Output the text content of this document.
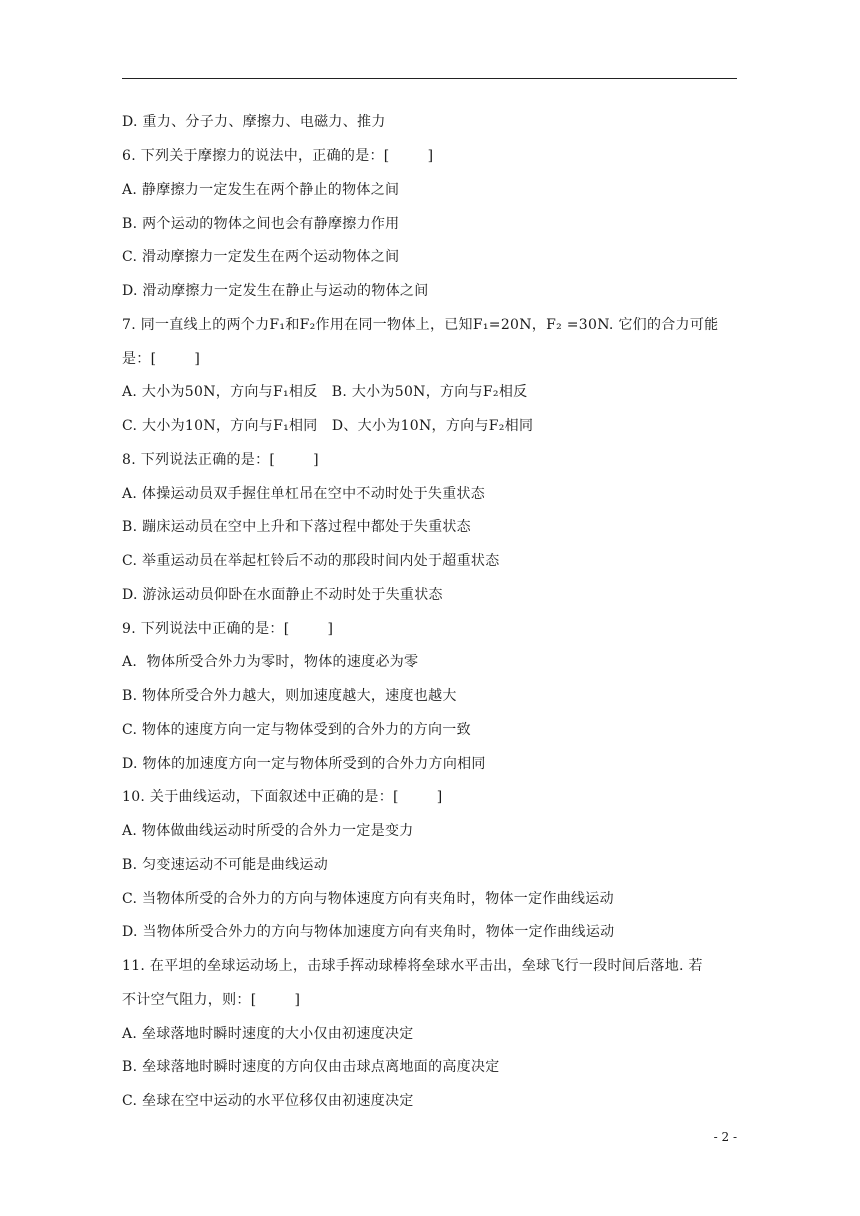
D. 重力、分子力、摩擦力、电磁力、推力
6. 下列关于摩擦力的说法中，正确的是：[        ]
A. 静摩擦力一定发生在两个静止的物体之间
B. 两个运动的物体之间也会有静摩擦力作用
C. 滑动摩擦力一定发生在两个运动物体之间
D. 滑动摩擦力一定发生在静止与运动的物体之间
7. 同一直线上的两个力F₁和F₂作用在同一物体上，已知F₁=20N，F₂ =30N. 它们的合力可能
是：[        ]
A. 大小为50N，方向与F₁相反   B. 大小为50N，方向与F₂相反
C. 大小为10N，方向与F₁相同   D、大小为10N，方向与F₂相同
8. 下列说法正确的是：[        ]
A. 体操运动员双手握住单杠吊在空中不动时处于失重状态
B. 蹦床运动员在空中上升和下落过程中都处于失重状态
C. 举重运动员在举起杠铃后不动的那段时间内处于超重状态
D. 游泳运动员仰卧在水面静止不动时处于失重状态
9. 下列说法中正确的是：[        ]
A.  物体所受合外力为零时，物体的速度必为零
B. 物体所受合外力越大，则加速度越大，速度也越大
C. 物体的速度方向一定与物体受到的合外力的方向一致
D. 物体的加速度方向一定与物体所受到的合外力方向相同
10. 关于曲线运动，下面叙述中正确的是：[        ]
A. 物体做曲线运动时所受的合外力一定是变力
B. 匀变速运动不可能是曲线运动
C. 当物体所受的合外力的方向与物体速度方向有夹角时，物体一定作曲线运动
D. 当物体所受合外力的方向与物体加速度方向有夹角时，物体一定作曲线运动
11. 在平坦的垒球运动场上，击球手挥动球棒将垒球水平击出，垒球飞行一段时间后落地. 若
不计空气阻力，则：[        ]
A. 垒球落地时瞬时速度的大小仅由初速度决定
B. 垒球落地时瞬时速度的方向仅由击球点离地面的高度决定
C. 垒球在空中运动的水平位移仅由初速度决定
- 2 -
